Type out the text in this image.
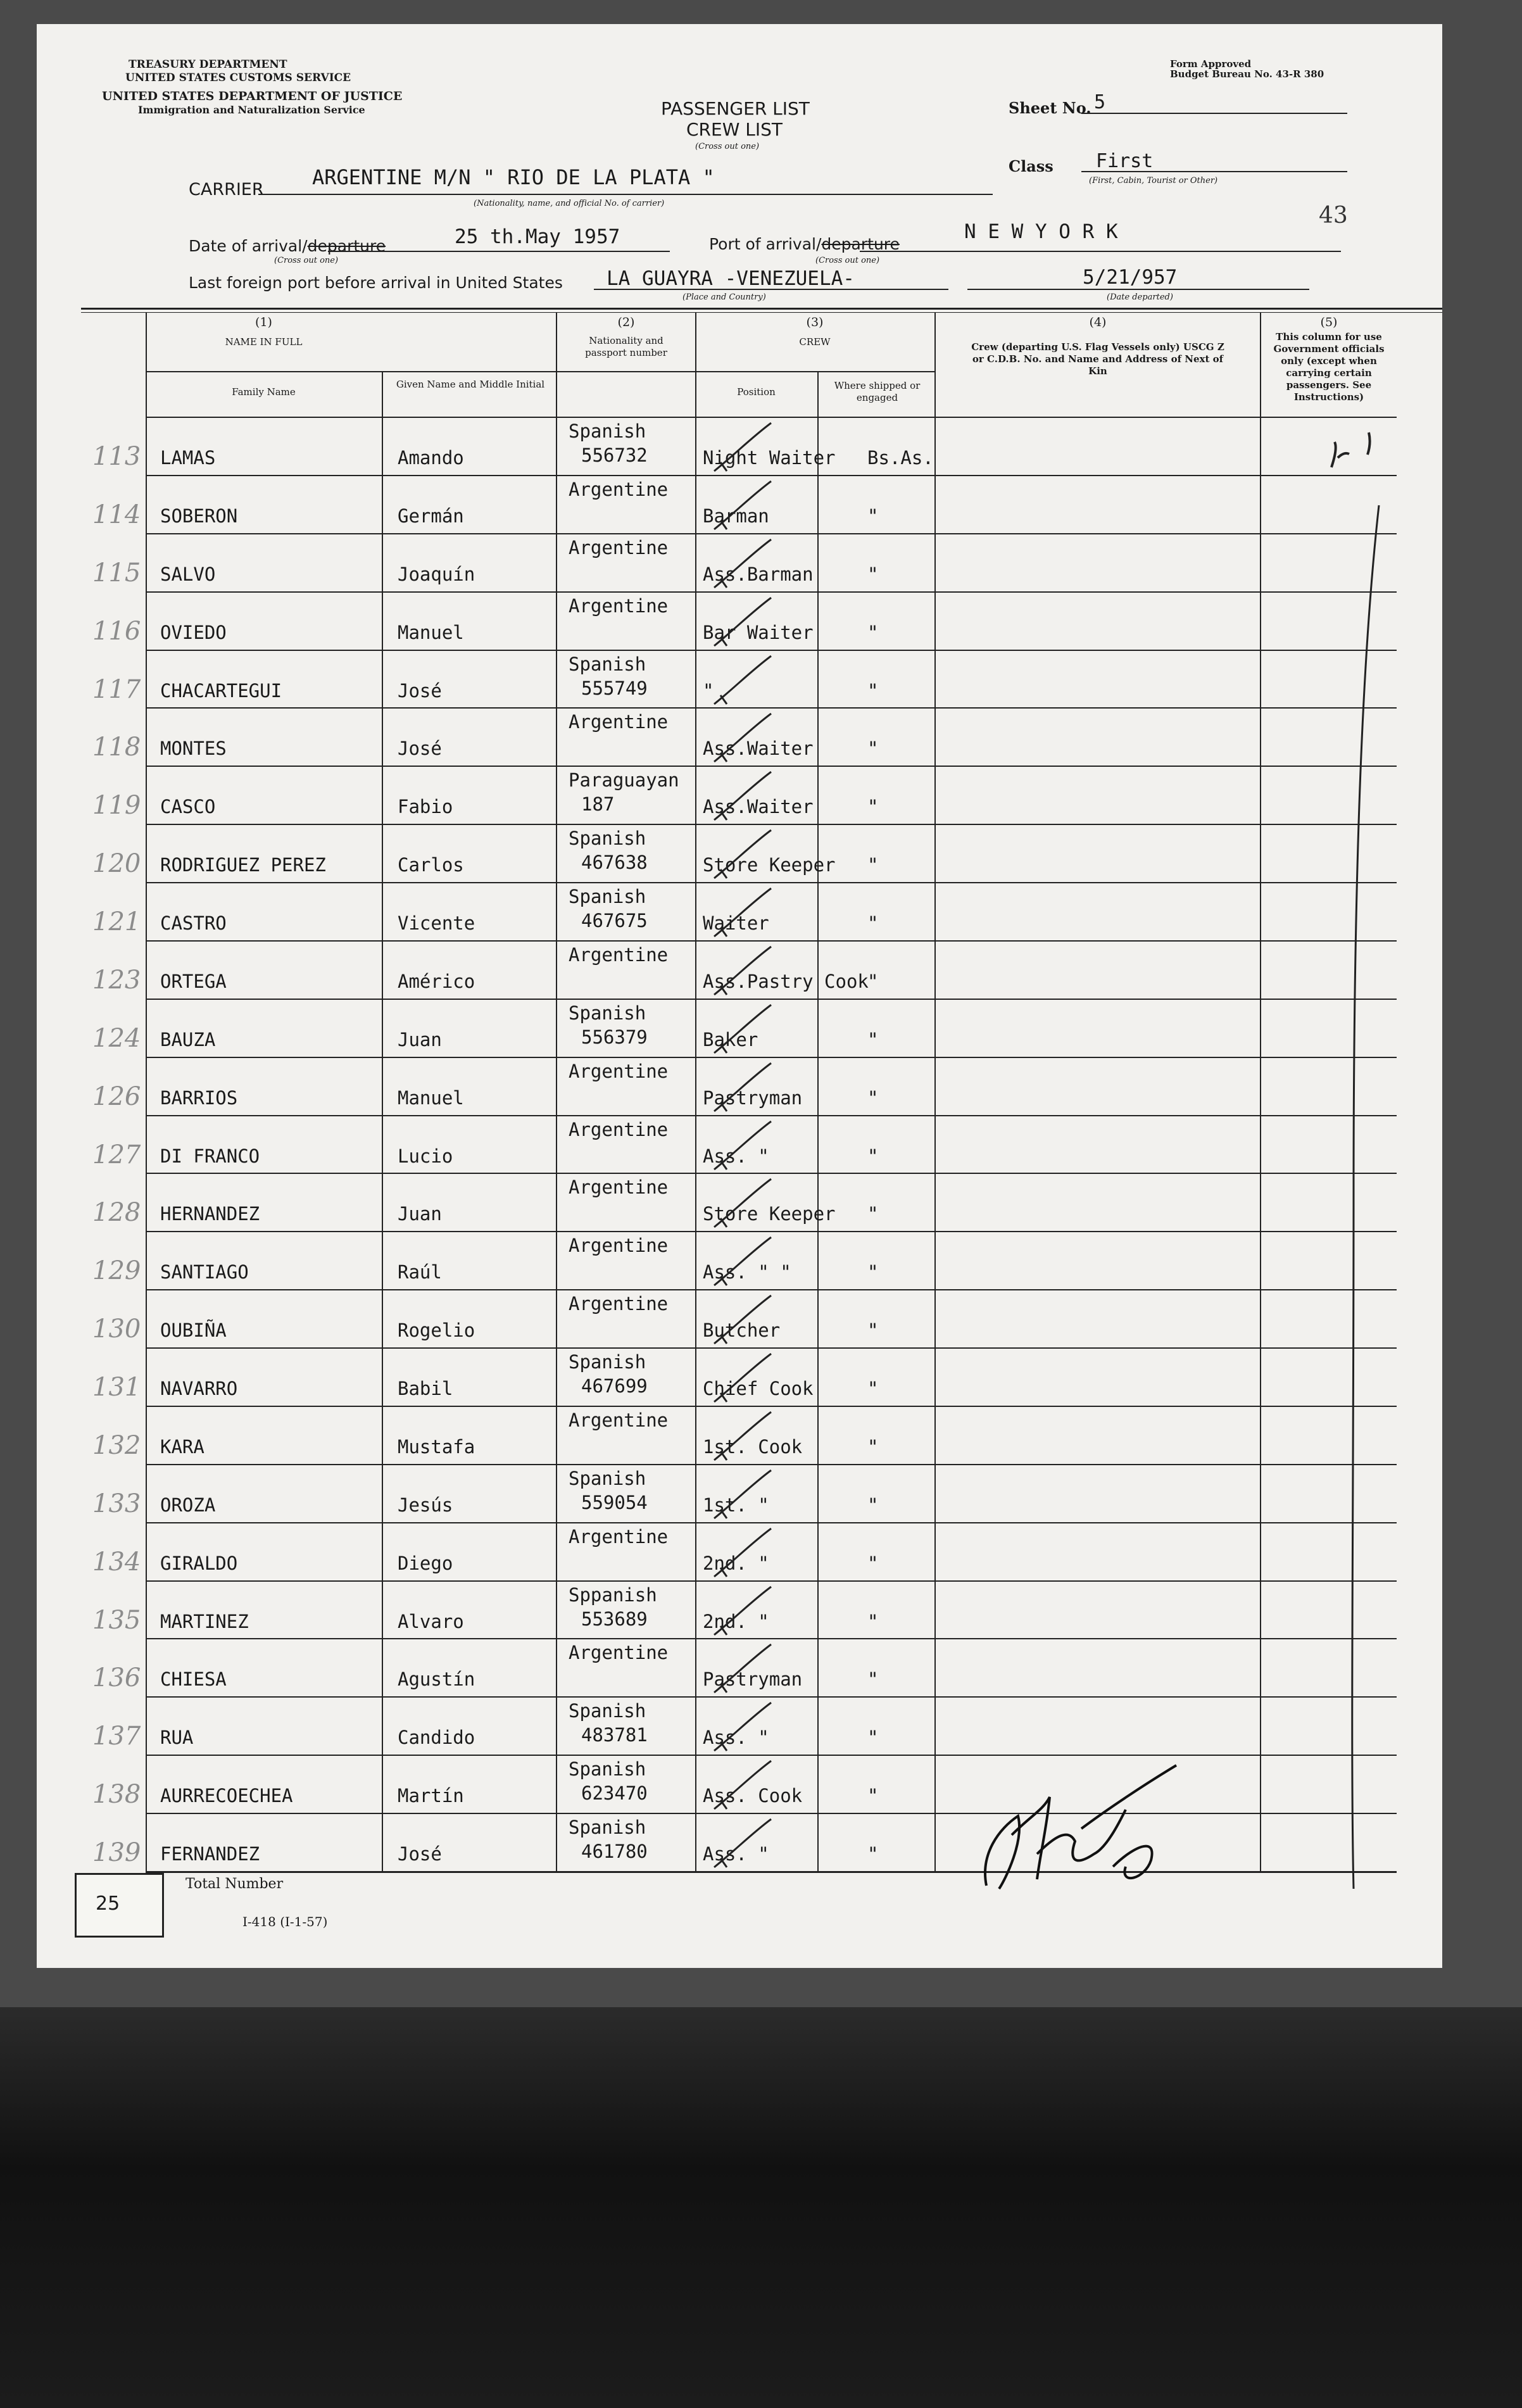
TREASURY DEPARTMENT
UNITED STATES CUSTOMS SERVICE
UNITED STATES DEPARTMENT OF JUSTICE
Immigration and Naturalization Service
Form Approved
Budget Bureau No. 43-R 380
PASSENGER LIST
CREW LIST
(Cross out one)
Sheet No. 5
Class First
(First, Cabin, Tourist or Other)
43
CARRIER
ARGENTINE M/N " RIO DE LA PLATA "
(Nationality, name, and official No. of carrier)
Date of arrival/departure
(Cross out one)
25 th.May 1957	Port of arrival/departure
(Cross out one)
N E W Y O R K
Last foreign port before arrival in United States LA GUAYRA -VENEZUELA-
(Place and Country)
5/21/957
(Date departed)
(1)
NAME IN FULL
Family Name
Given Name and Middle Initial
(2)
Nationality and passport number
(3)
CREW
Position
Where shipped or engaged
(4)
Crew (departing U.S. Flag Vessels only) USCG Z or C.D.B. No. and Name and Address of Next of Kin
(5)
This column for use Government officials only (except when carrying certain passengers. See Instructions)
113 LAMAS	Amando
Spanish
556732	Night Waiter Bs.As.
114 SOBERON	Germán
Argentine
Barman	"
115 SALVO	Joaquín
Argentine
Ass.Barman	"
116 OVIEDO	Manuel
Argentine
Bar Waiter	"
117 CHACARTEGUI	José
Spanish
555749	"	"
118 MONTES	José
Argentine
Ass.Waiter	"
119 CASCO	Fabio
Paraguayan
187	Ass.Waiter	"
120 RODRIGUEZ PEREZ	Carlos
Spanish
467638	Store Keeper "
121 CASTRO	Vicente
Spanish
467675	Waiter	"
123 ORTEGA	Américo
Argentine
Ass.Pastry Cook
"
124 BAUZA	Juan
Spanish
556379	Baker	"
126 BARRIOS	Manuel
Argentine
Pastryman	"
127 DI FRANCO	Lucio
Argentine
Ass. "	"
128 HERNANDEZ	Juan
Argentine
Store Keeper "
129 SANTIAGO	Raúl
Argentine
Ass. " "	"
130 OUBIÑA	Rogelio
Argentine
Butcher	"
131 NAVARRO	Babil
Spanish
467699	Chief Cook	"
132 KARA	Mustafa
Argentine
1st. Cook	"
133 OROZA	Jesús
Spanish
559054	1st. "	"
134 GIRALDO	Diego
Argentine
2nd. "	"
135 MARTINEZ	Alvaro
Sppanish
553689	2nd. "	"
136 CHIESA	Agustín
Argentine
Pastryman	"
137 RUA	Candido
Spanish
483781	Ass. "	"
138 AURRECOECHEA	Martín
Spanish
623470	Ass. Cook	"
139 FERNANDEZ	José
Spanish
461780	Ass. "	"
25
Total Number
I-418 (I-1-57)
